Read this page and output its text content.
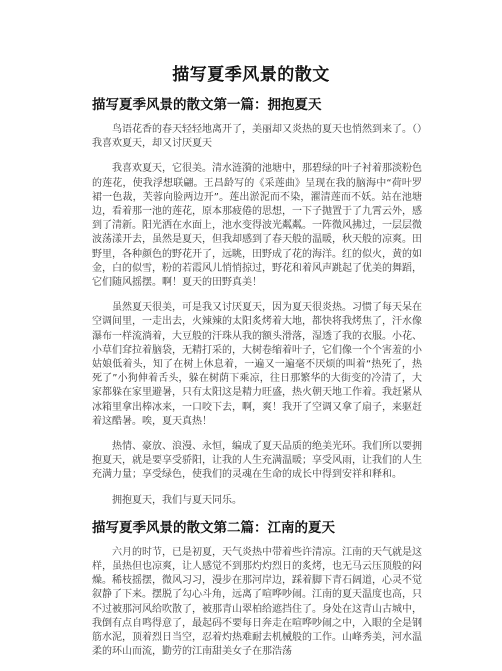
描写夏季风景的散文
描写夏季风景的散文第一篇：拥抱夏天

鸟语花香的春天轻轻地离开了，美丽却又炎热的夏天也悄然到来了。（）我喜欢夏天，却又讨厌夏天

我喜欢夏天，它很美。清水涟漪的池塘中，那碧绿的叶子衬着那淡粉色的莲花，使我浮想联翩。王昌龄写的《采莲曲》呈现在我的脑海中“荷叶罗裙一色裁，芙蓉向脸两边开”。莲出淤泥而不染，濯清莲而不妖。站在池塘边，看着那一池的莲花，原本那疲倦的思想，一下子抛置于了九霄云外，感到了清新。阳光洒在水面上，池水变得波光粼粼。一阵微风拂过，一层层微波荡漾开去，虽然是夏天，但我却感到了春天般的温暖，秋天般的凉爽。田野里，各种颜色的野花开了，远眺，田野成了花的海洋。红的似火，黄的如金，白的似雪，粉的若霞风儿悄悄掠过，野花和着风声跳起了优美的舞蹈，它们随风摇摆。啊！夏天的田野真美！

虽然夏天很美，可是我又讨厌夏天，因为夏天很炎热。习惯了每天呆在空调间里，一走出去，火辣辣的太阳炙烤着大地，都快将我烤焦了，汗水像瀑布一样流淌着，大豆般的汗珠从我的额头滑落，湿透了我的衣服。小花、小草们耷拉着脑袋，无精打采的，大树卷缩着叶子，它们像一个个害羞的小姑娘低着头，知了在树上休息着，一遍又一遍毫不厌烦的叫着“热死了，热死了”小狗伸着舌头，躲在树荫下乘凉，往日那繁华的大街变的冷清了，大家都躲在家里避暑，只有太阳这是精力旺盛，热火朝天地工作着。我赶紧从冰箱里拿出棒冰来，一口咬下去，啊，爽！我开了空调又拿了扇子，来驱赶着这酷暑。唉，夏天真热！

热情、豪放、浪漫、永恒，编成了夏天品质的绝美光环。我们所以要拥抱夏天，就是要享受骄阳，让我的人生充满温暖；享受风雨，让我们的人生充满力量；享受绿色，使我们的灵魂在生命的成长中得到安祥和释和。

拥抱夏天，我们与夏天同乐。

描写夏季风景的散文第二篇：江南的夏天

六月的时节，已是初夏，天气炎热中带着些许清凉。江南的天气就是这样，虽热但也凉爽，让人感觉不到那灼灼烈日的炙烤，也无马云压顶般的闷燥。稀枝摇摆，微风习习，漫步在那河岸边，踩着脚下青石阔道，心灵不觉叙静了下来。摆脱了勾心斗角，远离了喧哗吵闹。江南的夏天温度也高，只不过被那河风给吹散了，被那青山翠柏给遮挡住了。身处在这青山古城中，我倒有点自鸣得意了，最起码不要每日奔走在喧哗吵闹之中，入眼的全是钢筋水泥，顶着烈日当空，忍着灼热难耐去机械般的工作。山峰秀美，河水温柔的环山而流，勤劳的江南甜美女子在那浩荡
